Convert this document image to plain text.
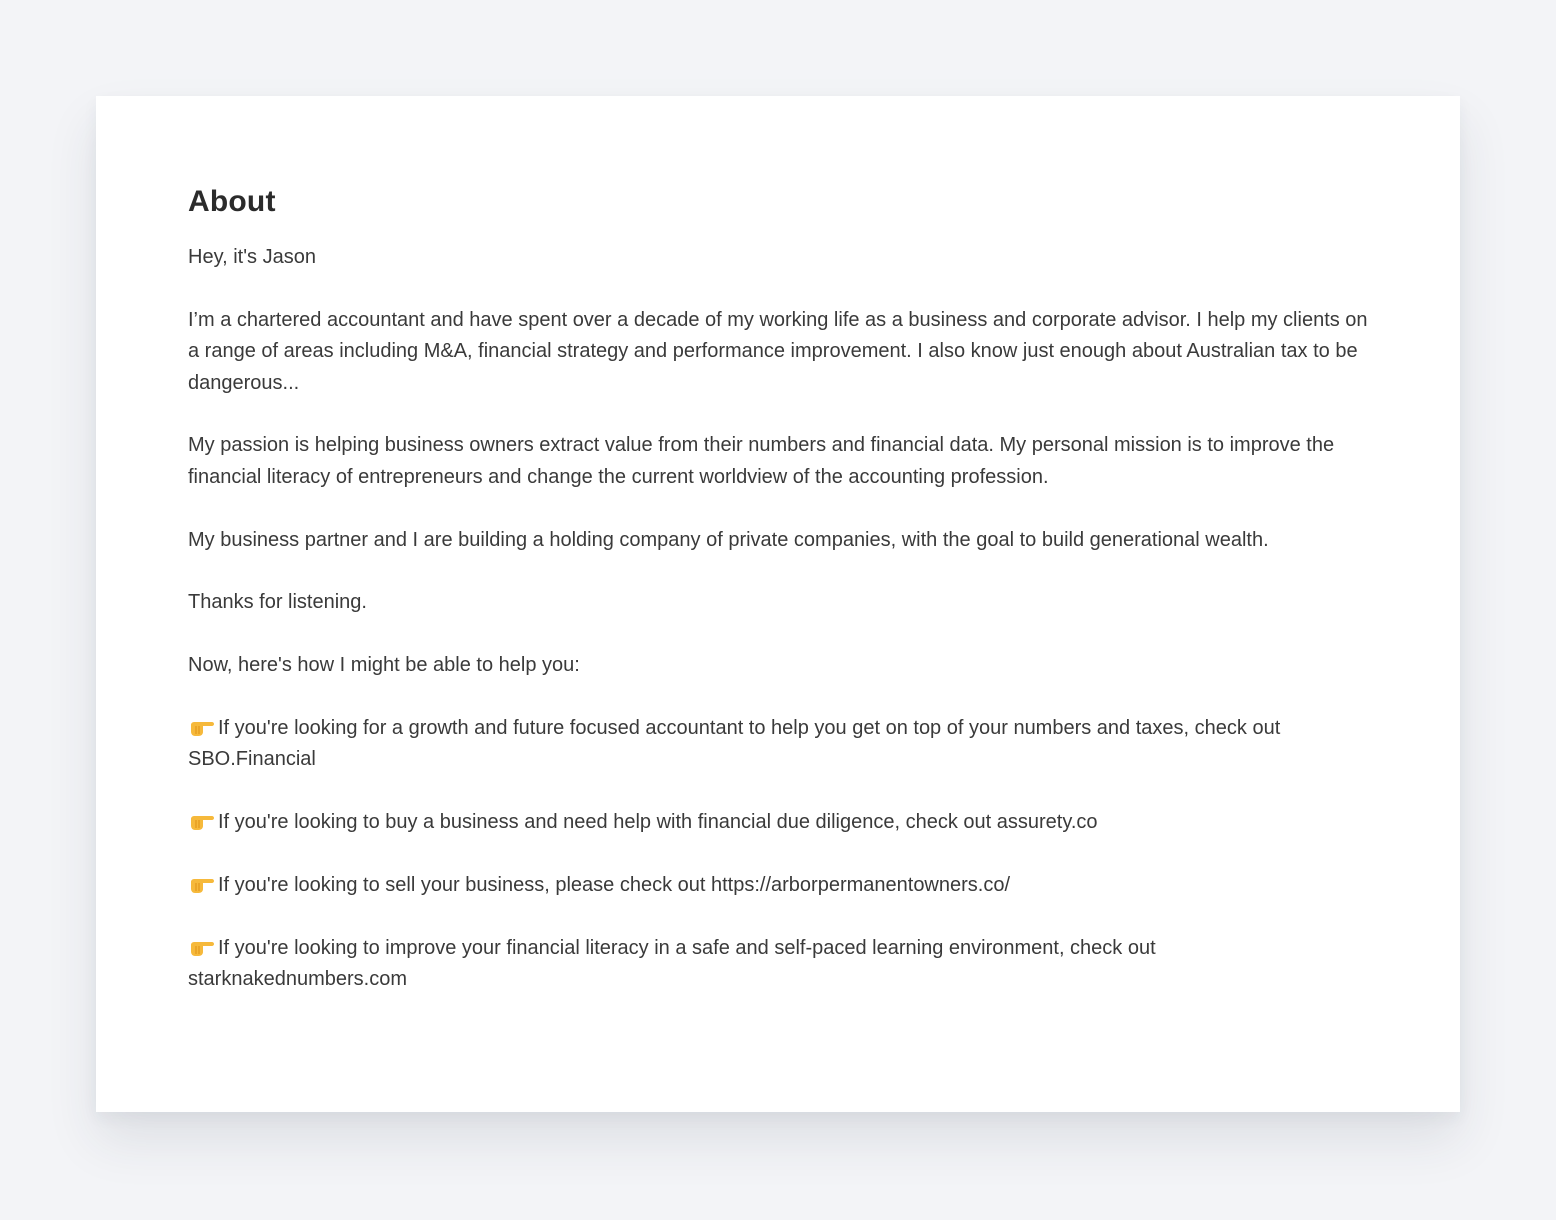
About

Hey, it's Jason

I’m a chartered accountant and have spent over a decade of my working life as a business and corporate advisor. I help my clients on a range of areas including M&A, financial strategy and performance improvement. I also know just enough about Australian tax to be dangerous...

My passion is helping business owners extract value from their numbers and financial data. My personal mission is to improve the financial literacy of entrepreneurs and change the current worldview of the accounting profession.

My business partner and I are building a holding company of private companies, with the goal to build generational wealth.

Thanks for listening.

Now, here's how I might be able to help you:

If you're looking for a growth and future focused accountant to help you get on top of your numbers and taxes, check out SBO.Financial

If you're looking to buy a business and need help with financial due diligence, check out assurety.co

If you're looking to sell your business, please check out https://arborpermanentowners.co/

If you're looking to improve your financial literacy in a safe and self-paced learning environment, check out starknakednumbers.com
